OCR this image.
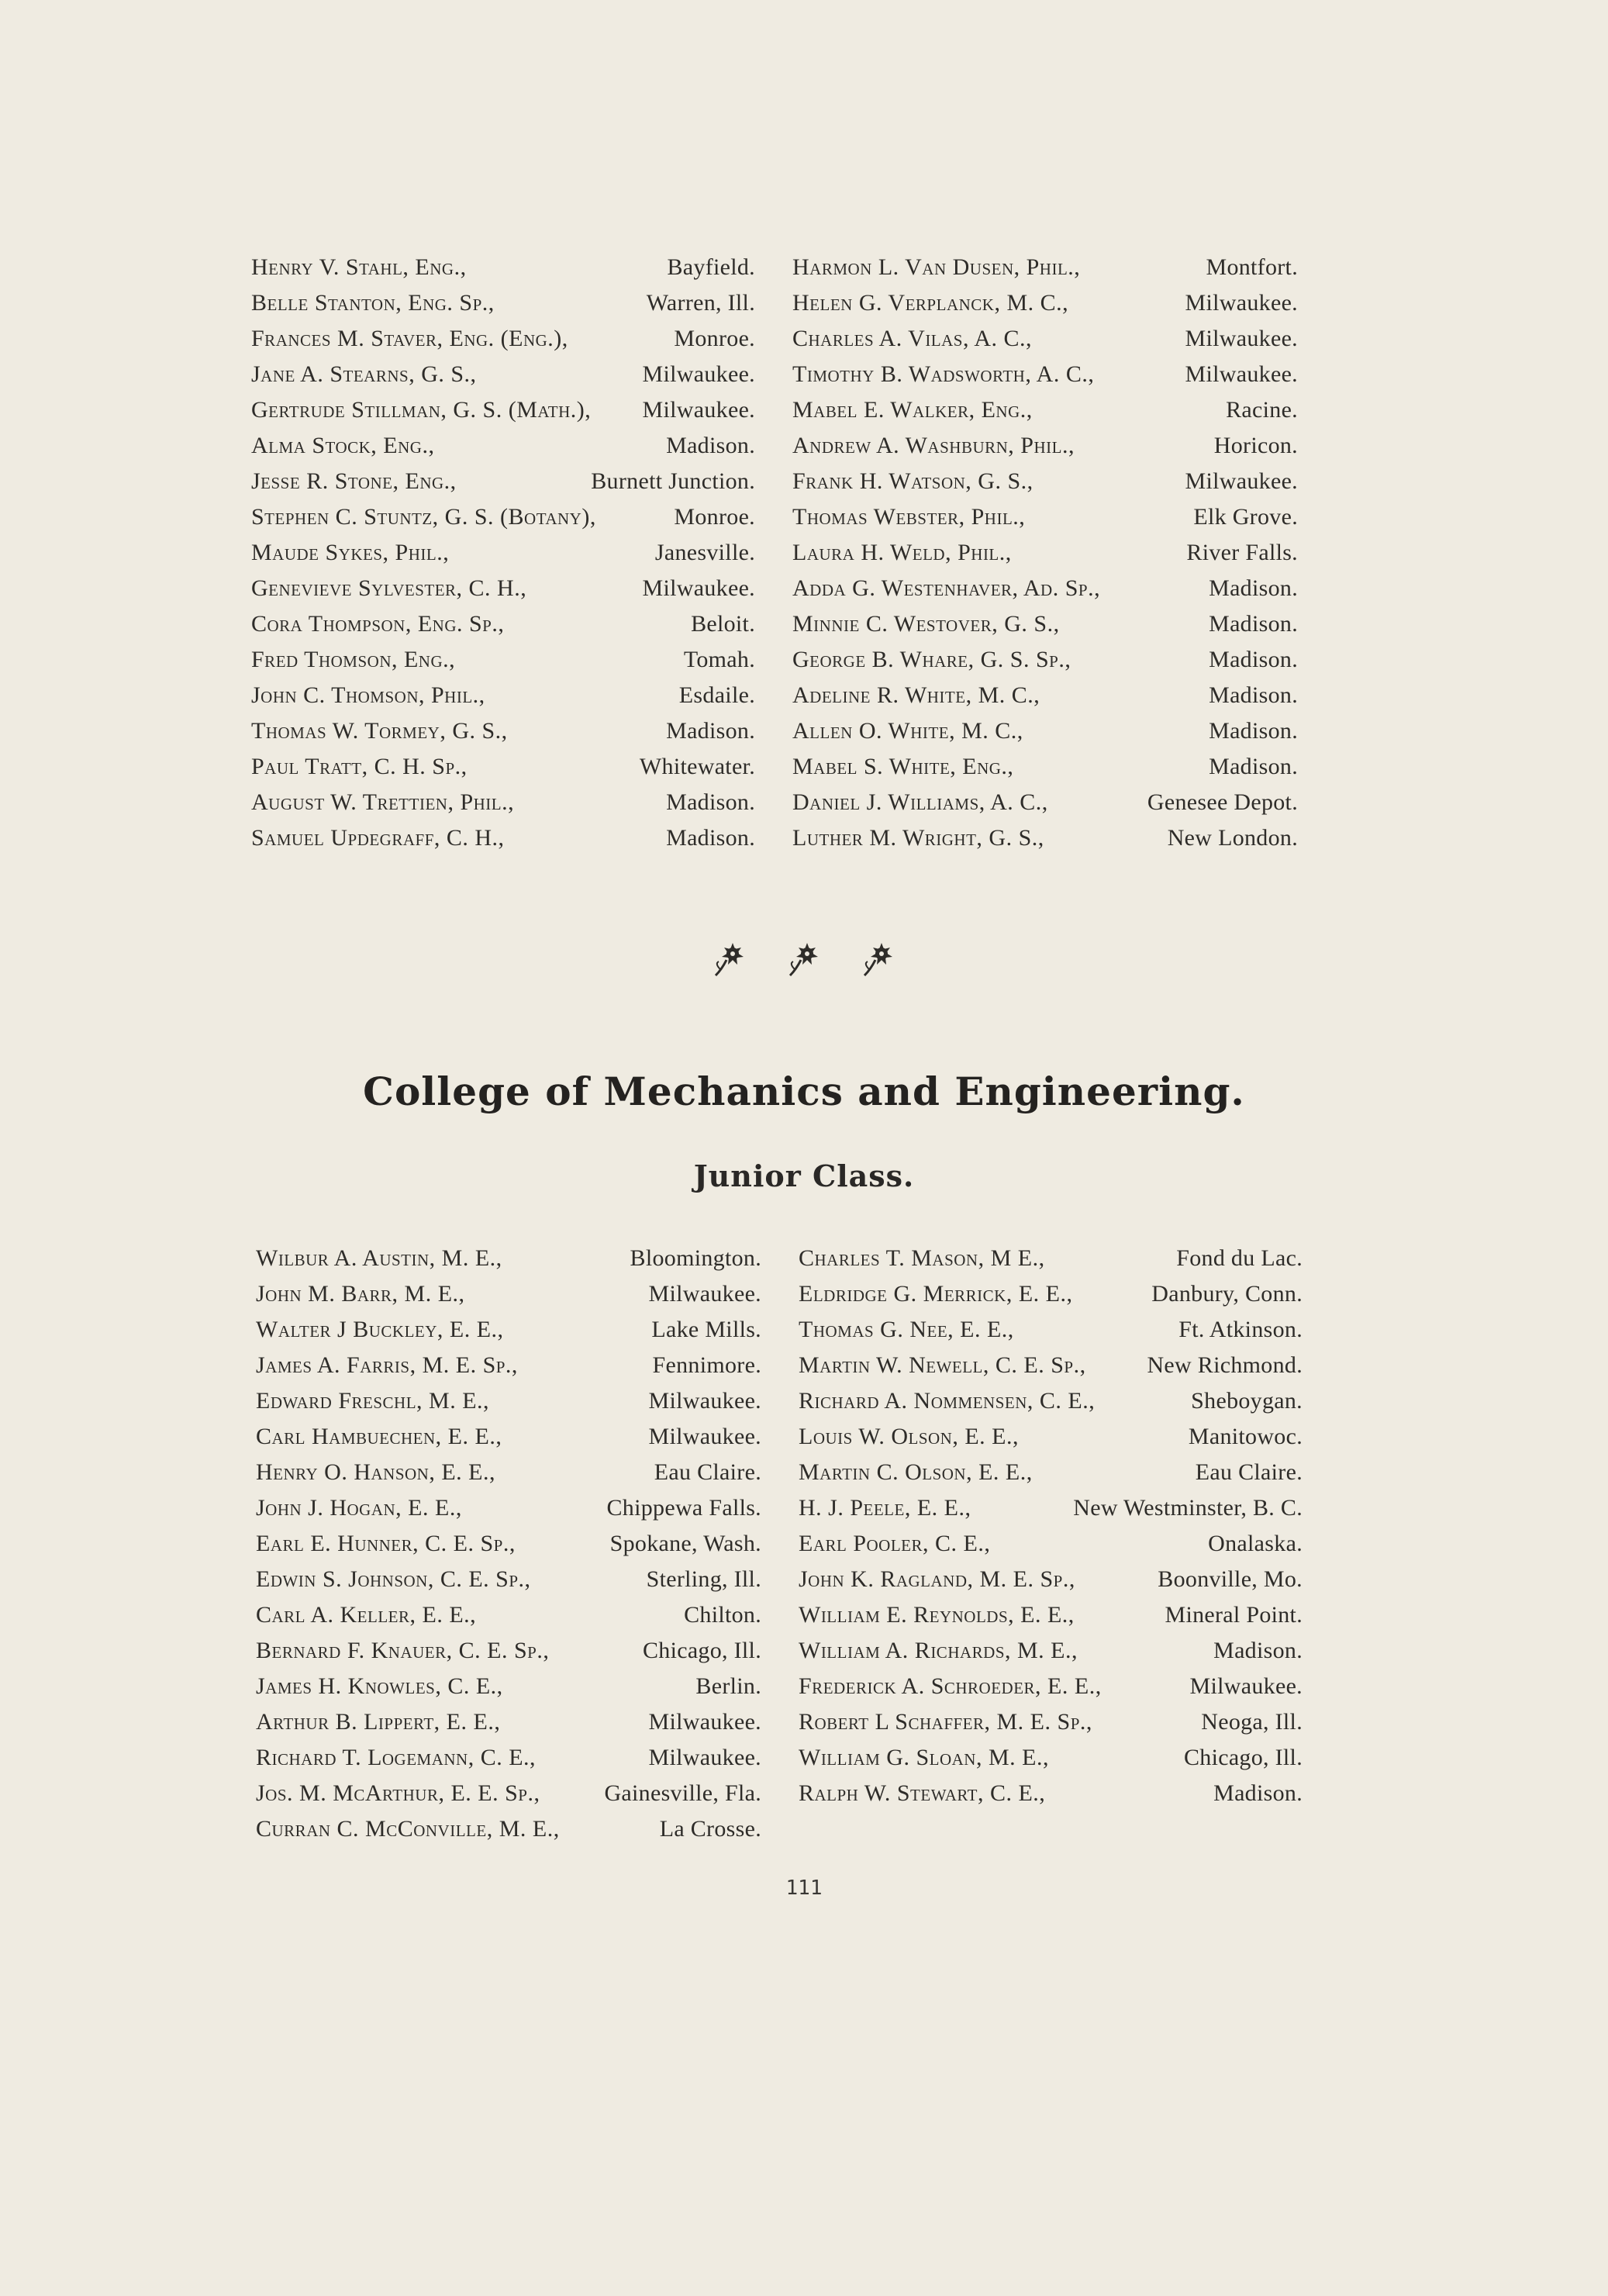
Henry V. Stahl, Eng.,	Bayfield.
Belle Stanton, Eng. Sp.,	Warren, Ill.
Frances M. Staver, Eng. (Eng.),	Monroe.
Jane A. Stearns, G. S.,	Milwaukee.
Gertrude Stillman, G. S. (Math.), Milwaukee.
Alma Stock, Eng.,	Madison.
Jesse R. Stone, Eng.,	Burnett Junction.
Stephen C. Stuntz, G. S. (Botany),	Monroe.
Maude Sykes, Phil.,	Janesville.
Genevieve Sylvester, C. H.,	Milwaukee.
Cora Thompson, Eng. Sp.,	Beloit.
Fred Thomson, Eng.,	Tomah.
John C. Thomson, Phil.,	Esdaile.
Thomas W. Tormey, G. S.,	Madison.
Paul Tratt, C. H. Sp.,	Whitewater.
August W. Trettien, Phil.,	Madison.
Samuel Updegraff, C. H.,	Madison.
Harmon L. Van Dusen, Phil.,	Montfort.
Helen G. Verplanck, M. C.,	Milwaukee.
Charles A. Vilas, A. C.,	Milwaukee.
Timothy B. Wadsworth, A. C.,	Milwaukee.
Mabel E. Walker, Eng.,	Racine.
Andrew A. Washburn, Phil.,	Horicon.
Frank H. Watson, G. S.,	Milwaukee.
Thomas Webster, Phil.,	Elk Grove.
Laura H. Weld, Phil.,	River Falls.
Adda G. Westenhaver, Ad. Sp.,	Madison.
Minnie C. Westover, G. S.,	Madison.
George B. Whare, G. S. Sp.,	Madison.
Adeline R. White, M. C.,	Madison.
Allen O. White, M. C.,	Madison.
Mabel S. White, Eng.,	Madison.
Daniel J. Williams, A. C.,	Genesee Depot.
Luther M. Wright, G. S.,	New London.
College of Mechanics and Engineering.
Junior Class.
Wilbur A. Austin, M. E.,	Bloomington.
John M. Barr, M. E.,	Milwaukee.
Walter J Buckley, E. E.,	Lake Mills.
James A. Farris, M. E. Sp.,	Fennimore.
Edward Freschl, M. E.,	Milwaukee.
Carl Hambuechen, E. E.,	Milwaukee.
Henry O. Hanson, E. E.,	Eau Claire.
John J. Hogan, E. E.,	Chippewa Falls.
Earl E. Hunner, C. E. Sp.,	Spokane, Wash.
Edwin S. Johnson, C. E. Sp.,	Sterling, Ill.
Carl A. Keller, E. E.,	Chilton.
Bernard F. Knauer, C. E. Sp.,	Chicago, Ill.
James H. Knowles, C. E.,	Berlin.
Arthur B. Lippert, E. E.,	Milwaukee.
Richard T. Logemann, C. E.,	Milwaukee.
Jos. M. McArthur, E. E. Sp.,	Gainesville, Fla.
Curran C. McConville, M. E.,	La Crosse.
Charles T. Mason, M E.,	Fond du Lac.
Eldridge G. Merrick, E. E.,	Danbury, Conn.
Thomas G. Nee, E. E.,	Ft. Atkinson.
Martin W. Newell, C. E. Sp.,	New Richmond.
Richard A. Nommensen, C. E.,	Sheboygan.
Louis W. Olson, E. E.,	Manitowoc.
Martin C. Olson, E. E.,	Eau Claire.
H. J. Peele, E. E.,	New Westminster, B. C.
Earl Pooler, C. E.,	Onalaska.
John K. Ragland, M. E. Sp.,	Boonville, Mo.
William E. Reynolds, E. E.,	Mineral Point.
William A. Richards, M. E.,	Madison.
Frederick A. Schroeder, E. E.,	Milwaukee.
Robert L Schaffer, M. E. Sp.,	Neoga, Ill.
William G. Sloan, M. E.,	Chicago, Ill.
Ralph W. Stewart, C. E.,	Madison.
111
